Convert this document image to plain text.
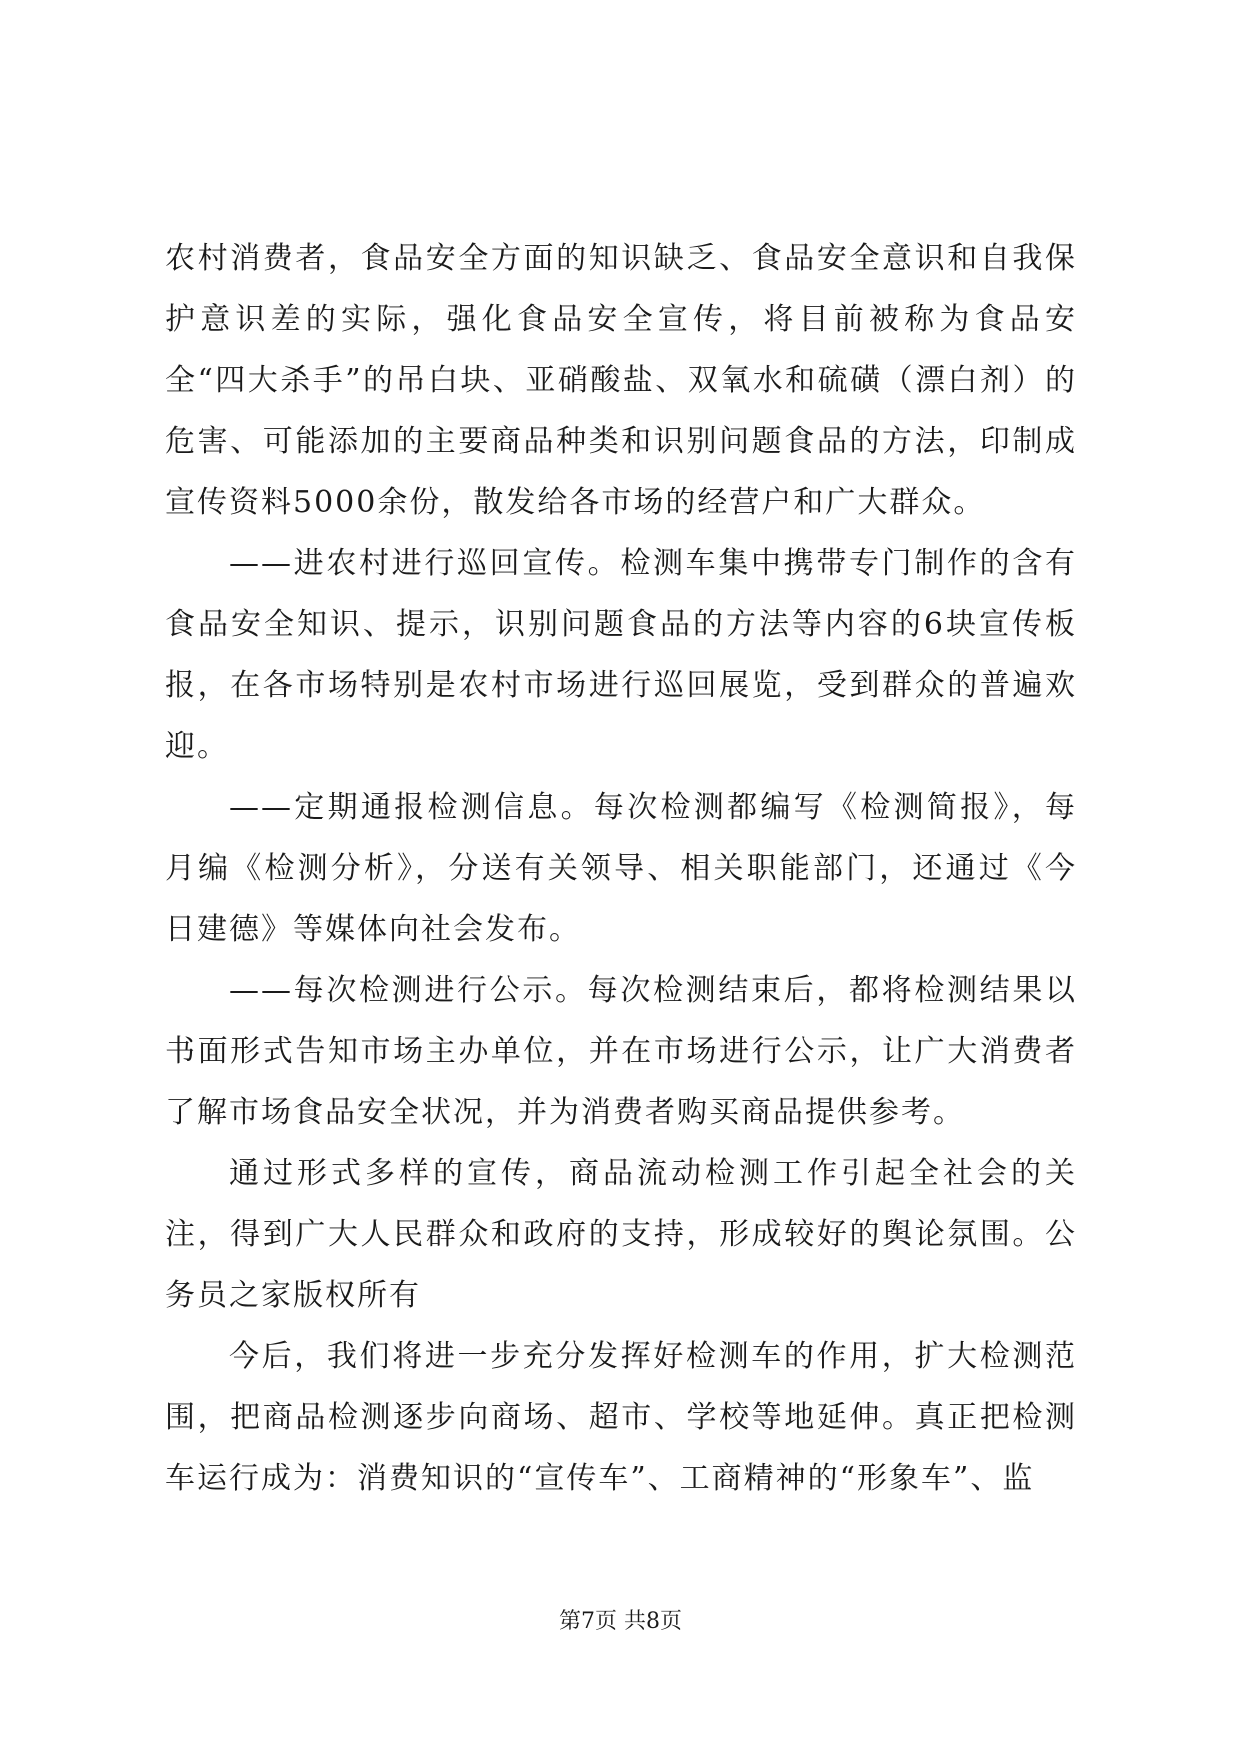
农村消费者，食品安全方面的知识缺乏、食品安全意识和自我保护意识差的实际，强化食品安全宣传，将目前被称为食品安全“四大杀手”的吊白块、亚硝酸盐、双氧水和硫磺（漂白剂）的危害、可能添加的主要商品种类和识别问题食品的方法，印制成宣传资料5000余份，散发给各市场的经营户和广大群众。

——进农村进行巡回宣传。检测车集中携带专门制作的含有食品安全知识、提示，识别问题食品的方法等内容的6块宣传板报，在各市场特别是农村市场进行巡回展览，受到群众的普遍欢迎。

——定期通报检测信息。每次检测都编写《检测简报》，每月编《检测分析》，分送有关领导、相关职能部门，还通过《今日建德》等媒体向社会发布。

——每次检测进行公示。每次检测结束后，都将检测结果以书面形式告知市场主办单位，并在市场进行公示，让广大消费者了解市场食品安全状况，并为消费者购买商品提供参考。

通过形式多样的宣传，商品流动检测工作引起全社会的关注，得到广大人民群众和政府的支持，形成较好的舆论氛围。公务员之家版权所有

今后，我们将进一步充分发挥好检测车的作用，扩大检测范围，把商品检测逐步向商场、超市、学校等地延伸。真正把检测车运行成为：消费知识的“宣传车”、工商精神的“形象车”、监

第7页 共8页
